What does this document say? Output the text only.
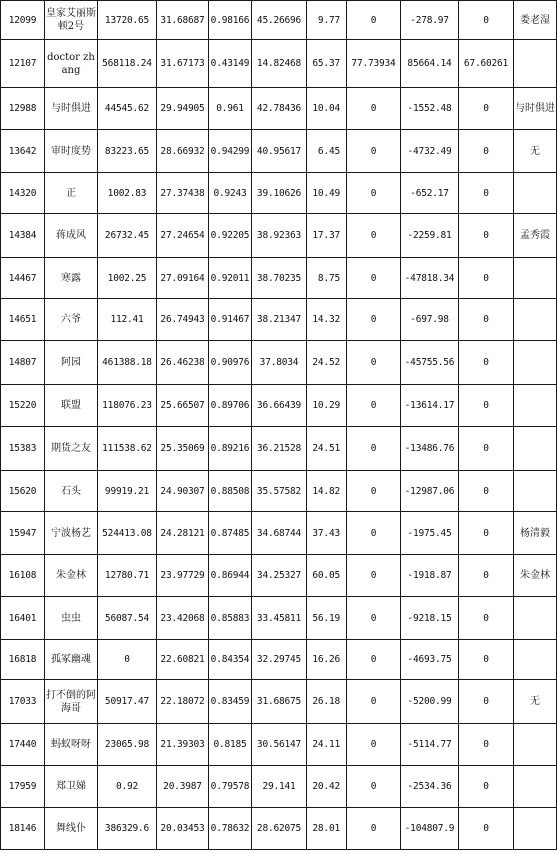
12099	皇家艾丽斯顿2号	13720.65	31.68687	0.98166	45.26696	9.77	0	-278.97	0	娄老湿
12107	doctor zhang	568118.24	31.67173	0.43149	14.82468	65.37	77.73934	85664.14	67.60261	
12988	与时俱进	44545.62	29.94905	0.961	42.78436	10.04	0	-1552.48	0	与时俱进
13642	审时度势	83223.65	28.66932	0.94299	40.95617	6.45	0	-4732.49	0	无
14320	正	1002.83	27.37438	0.9243	39.10626	10.49	0	-652.17	0	
14384	蒋成风	26732.45	27.24654	0.92205	38.92363	17.37	0	-2259.81	0	孟秀霞
14467	寒露	1002.25	27.09164	0.92011	38.70235	8.75	0	-47818.34	0	
14651	六爷	112.41	26.74943	0.91467	38.21347	14.32	0	-697.98	0	
14807	阿园	461388.18	26.46238	0.90976	37.8034	24.52	0	-45755.56	0	
15220	联盟	118076.23	25.66507	0.89706	36.66439	10.29	0	-13614.17	0	
15383	期货之友	111538.62	25.35069	0.89216	36.21528	24.51	0	-13486.76	0	
15620	石头	99919.21	24.90307	0.88508	35.57582	14.82	0	-12987.06	0	
15947	宁波杨艺	524413.08	24.28121	0.87485	34.68744	37.43	0	-1975.45	0	杨清毅
16108	朱金林	12780.71	23.97729	0.86944	34.25327	60.05	0	-1918.87	0	朱金林
16401	虫虫	56087.54	23.42068	0.85883	33.45811	56.19	0	-9218.15	0	
16818	孤冢幽魂	0	22.60821	0.84354	32.29745	16.26	0	-4693.75	0	
17033	打不倒的阿海哥	50917.47	22.18072	0.83459	31.68675	26.18	0	-5200.99	0	无
17440	蚂蚁呀呀	23065.98	21.39303	0.8185	30.56147	24.11	0	-5114.77	0	
17959	郑卫娣	0.92	20.3987	0.79578	29.141	20.42	0	-2534.36	0	
18146	舞线仆	386329.6	20.03453	0.78632	28.62075	28.01	0	-104807.9	0	
